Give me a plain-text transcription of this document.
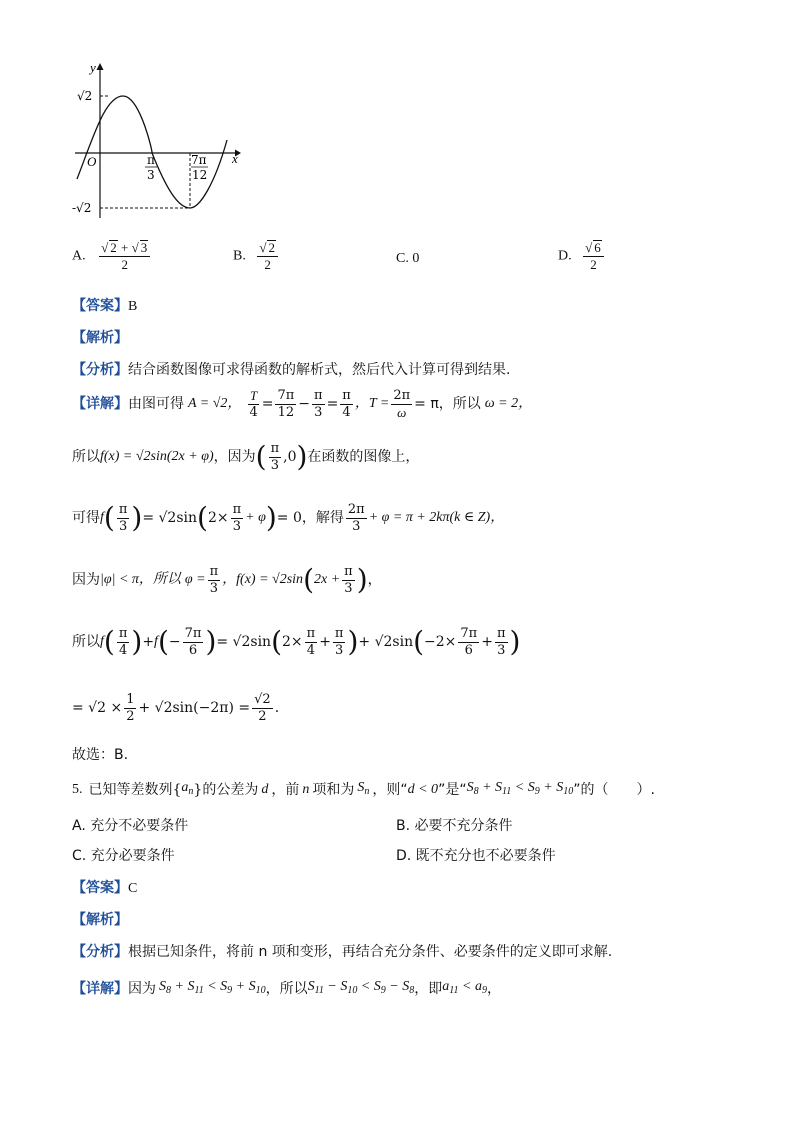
y
x
O
√2
-√2
π
3
7π
12
A. $\frac{√ 2 + √ 3}{2}$	B. $\frac{√ 2}{2}$	C. 0	D. $\frac{√ 6}{2}$
【答案】B
【解析】
【分析】结合函数图像可求得函数的解析式，然后代入计算可得到结果.
【详解】 由图可得 A = √2， $\frac{T}{4} = \frac{7\pi}{12} - \frac{\pi}{3} = \frac{\pi}{4}$ ，$T = \frac{2\pi}{\omega} = \pi$，所以 ω = 2，
所以 f(x) = √2sin(2x + φ) ，因为 ( $\frac{\pi}{3} ,0$ ) 在函数的图像上，
可得 f ( $\frac{\pi}{3}$ ) = √2sin ( $2\times \frac{\pi}{3} + \varphi$ ) = 0 ，解得 $\frac{2\pi}{3} + \varphi = \pi + 2k\pi(k$ ∈ Z)，
因为 |φ| < π，所以 $\varphi = \frac{\pi}{3}$ ，f(x) = √2sin ( $2x + \frac{\pi}{3}$ ) ，
所以 f ( $\frac{\pi}{4}$ ) + f ( − $\frac{7\pi}{6}$ ) = √2sin ( $2\times \frac{\pi}{4} + \frac{\pi}{3}$ ) + √2sin ( $-2\times \frac{7\pi}{6} + \frac{\pi}{3}$ )
= $√2 \times \frac{1}{2} + √2\sin(-2\pi) = \frac{√2}{2}$ .
故选：B.
5. 已知等差数列 { $a_n$ } 的公差为 d ，前 n 项和为 $S_n$ ，则“ d < 0 ”是“ $S_8 + S_{11} < S_9 + S_{10}$ ”的（　　）.
A. 充分不必要条件	B. 必要不充分条件
C. 充分必要条件	D. 既不充分也不必要条件
【答案】C
【解析】
【分析】根据已知条件，将前 n 项和变形，再结合充分条件、必要条件的定义即可求解.
【详解】 因为 $S_8 + S_{11} < S_9 + S_{10}$ ，所以 $S_{11} - S_{10} < S_9 - S_8$ ，即 $a_{11} < a_9$ ，
